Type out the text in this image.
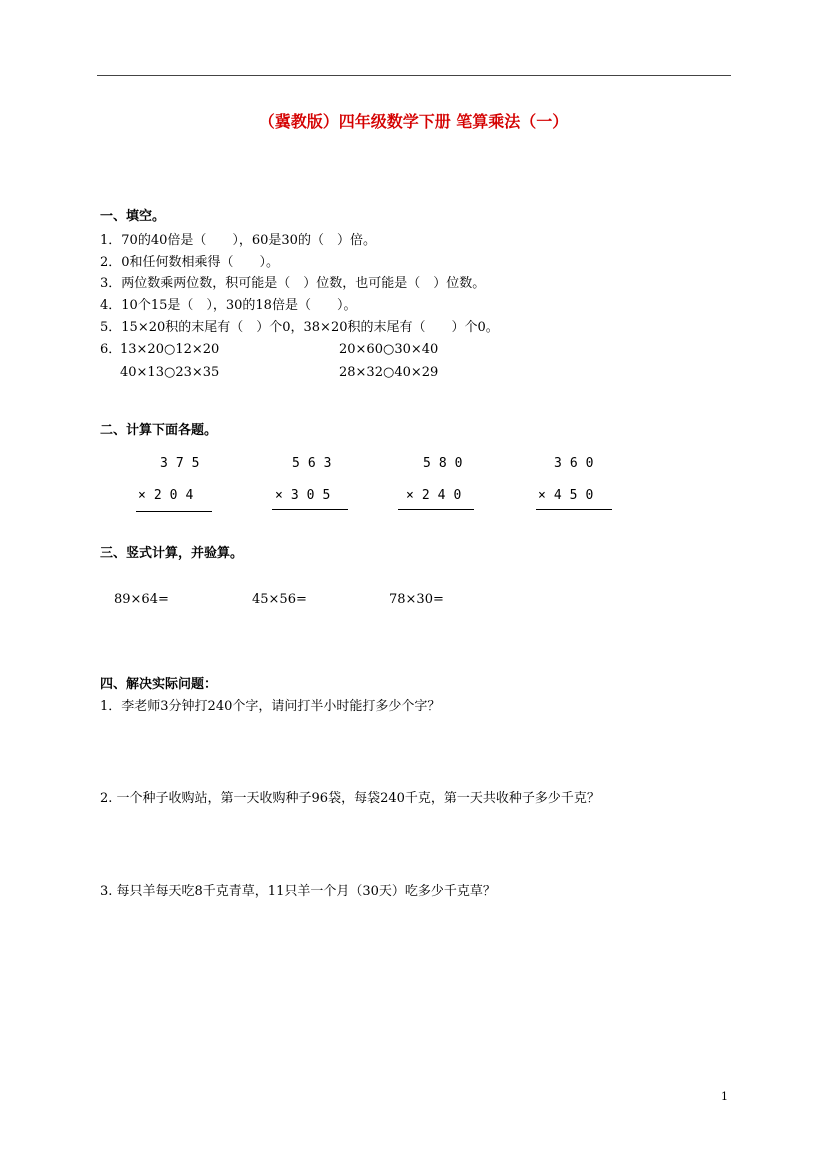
（冀教版）四年级数学下册 笔算乘法（一）
一、填空。
1．70的40倍是（　　），60是30的（　）倍。
2．0和任何数相乘得（　　）。
3．两位数乘两位数，积可能是（　）位数，也可能是（　）位数。
4．10个15是（　），30的18倍是（　　）。
5．15×20积的末尾有（　）个0，38×20积的末尾有（　　）个0。
6．
13×20○12×20	20×60○30×40
40×13○23×35	28×32○40×29
二、计算下面各题。
375
×204
563
×305
580
×240
360
×450
三、竖式计算，并验算。
89×64=	45×56=	78×30=
四、解决实际问题：
1．李老师3分钟打240个字，请问打半小时能打多少个字？
2. 一个种子收购站，第一天收购种子96袋，每袋240千克，第一天共收种子多少千克？
3. 每只羊每天吃8千克青草，11只羊一个月（30天）吃多少千克草？
1
